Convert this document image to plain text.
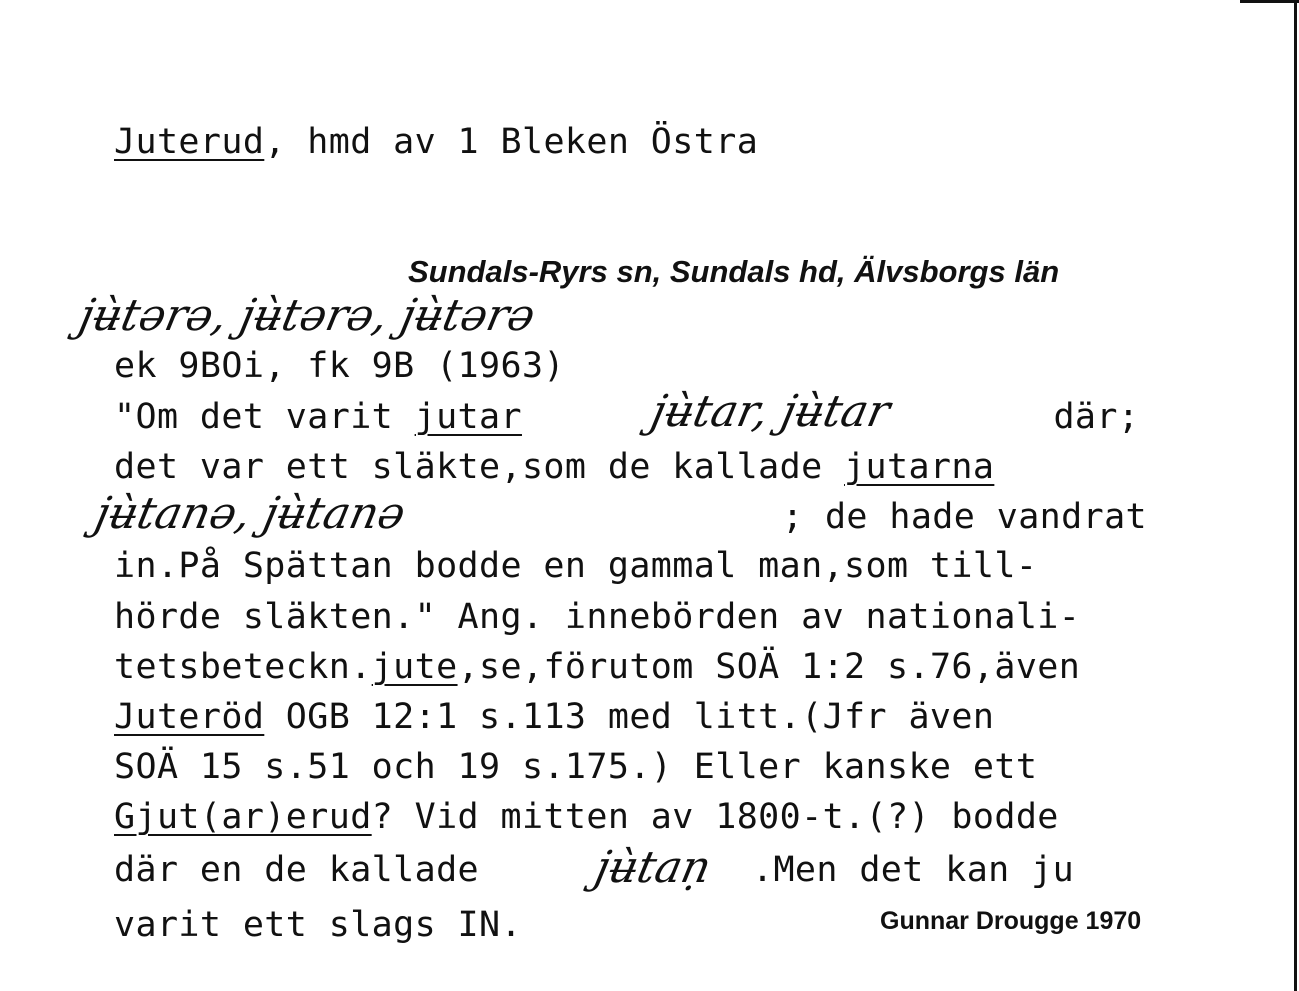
Juterud, hmd av 1 Bleken Östra
Sundals-Ryrs sn, Sundals hd, Älvsborgs län
jʉ̀tərə, jʉ̀tərə, jʉ̀tərə
ek 9BOi, fk 9B (1963)
"Om det varit jutar	där;
jʉ̀tar, jʉ̀tar
det var ett släkte,som de kallade jutarna
jʉ̀tanə, jʉ̀tanə	; de hade vandrat
in.På Spättan bodde en gammal man,som till-
hörde släkten." Ang. innebörden av nationali-
tetsbeteckn.jute,se,förutom SOÄ 1:2 s.76,även
Juteröd OGB 12:1 s.113 med litt.(Jfr även
SOÄ 15 s.51 och 19 s.175.) Eller kanske ett
Gjut(ar)erud? Vid mitten av 1800-t.(?) bodde
där en de kallade	.Men det kan ju
jʉ̀taṇ
varit ett slags IN.	Gunnar Drougge 1970
